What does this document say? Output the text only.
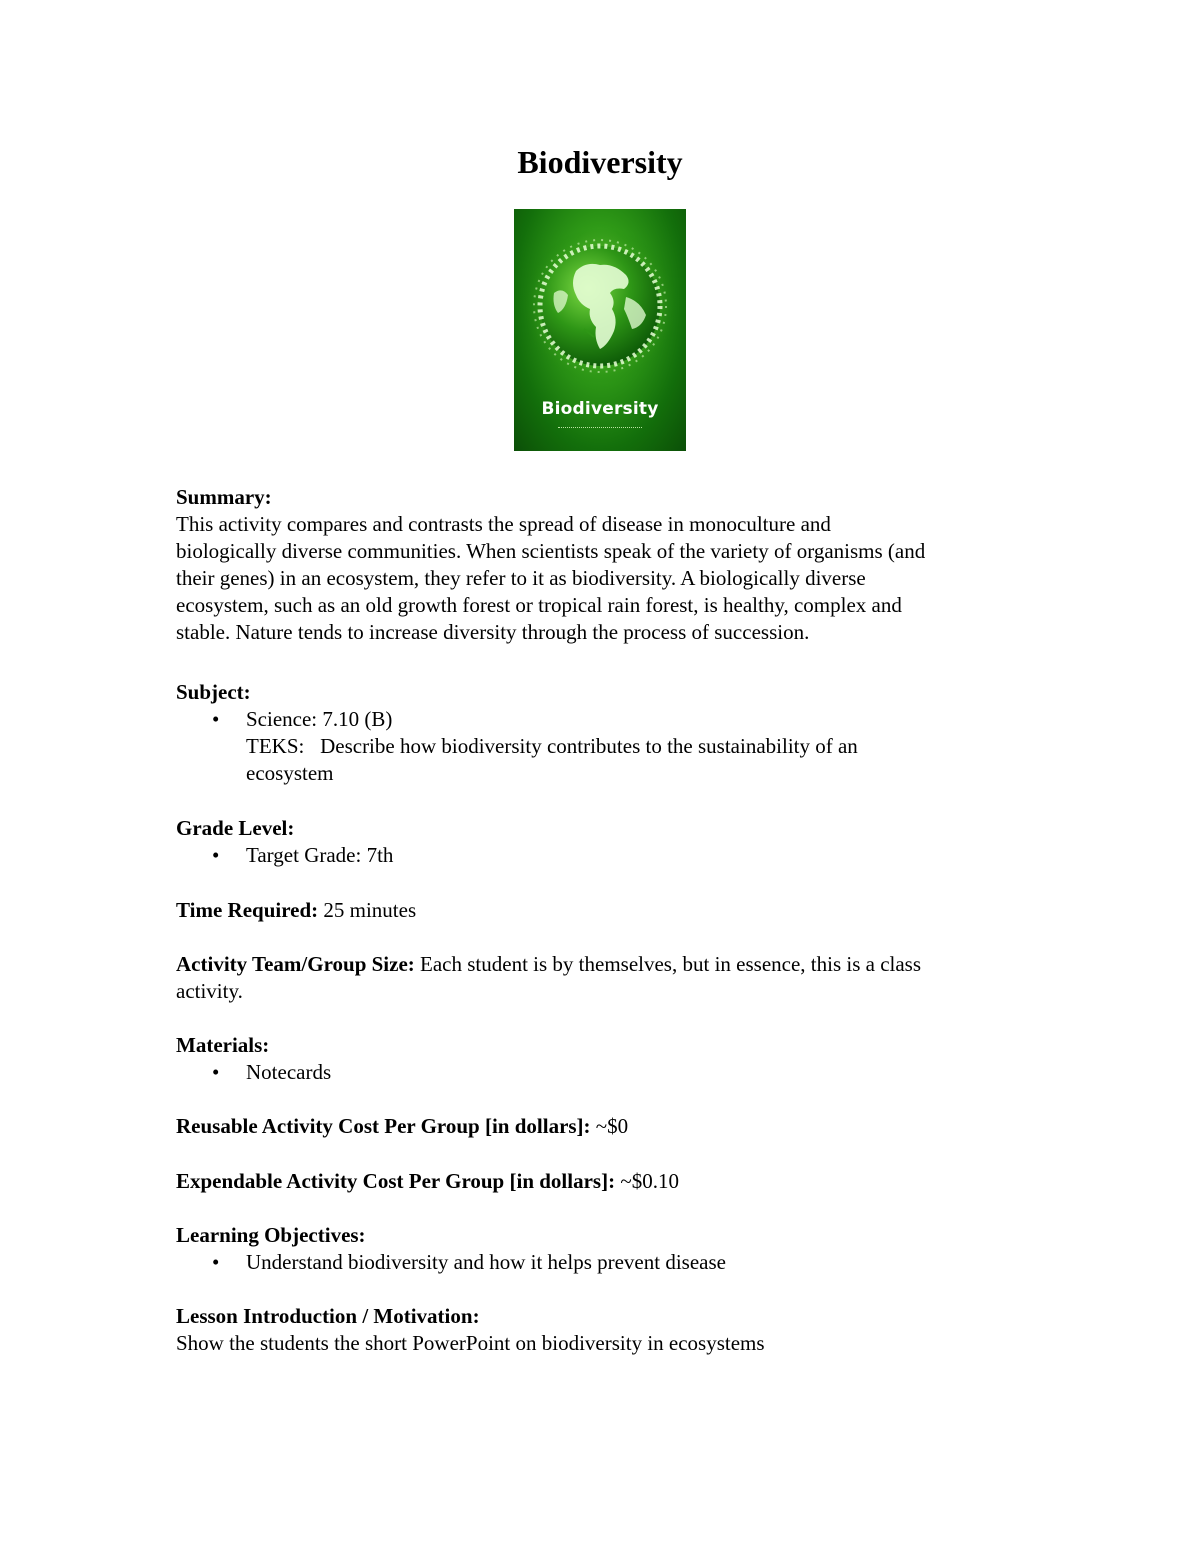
Biodiversity
Biodiversity

Summary:

This activity compares and contrasts the spread of disease in monoculture and

biologically diverse communities. When scientists speak of the variety of organisms (and

their genes) in an ecosystem, they refer to it as biodiversity. A biologically diverse

ecosystem, such as an old growth forest or tropical rain forest, is healthy, complex and

stable. Nature tends to increase diversity through the process of succession.

Subject:

• Science: 7.10 (B)
TEKS:   Describe how biodiversity contributes to the sustainability of an
ecosystem

Grade Level:

• Target Grade: 7th

Time Required: 25 minutes

Activity Team/Group Size: Each student is by themselves, but in essence, this is a class

activity.

Materials:

• Notecards

Reusable Activity Cost Per Group [in dollars]: ~$0

Expendable Activity Cost Per Group [in dollars]: ~$0.10

Learning Objectives:

• Understand biodiversity and how it helps prevent disease

Lesson Introduction / Motivation:

Show the students the short PowerPoint on biodiversity in ecosystems
